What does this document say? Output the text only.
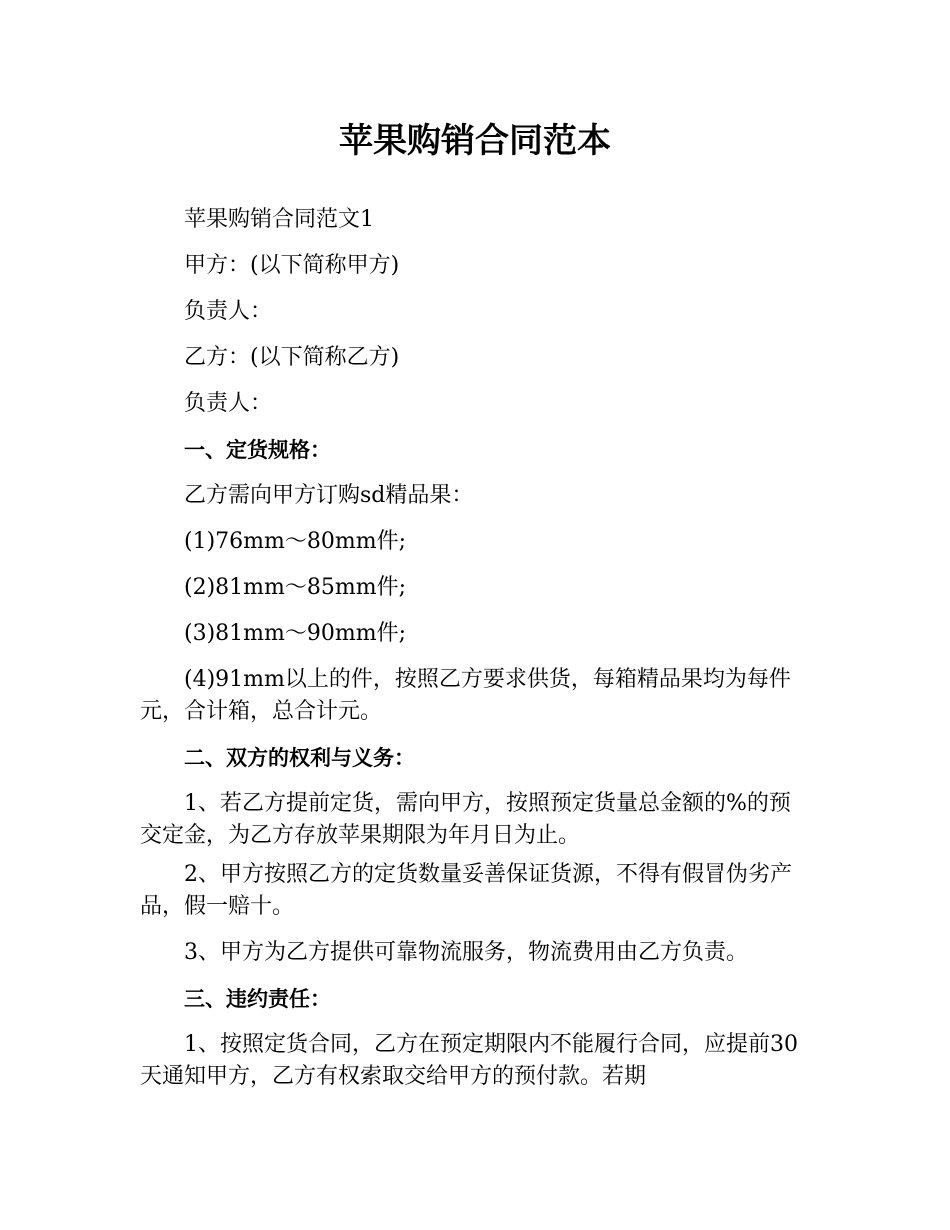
苹果购销合同范本

苹果购销合同范文1

甲方：(以下简称甲方)

负责人：

乙方：(以下简称乙方)

负责人：

一、定货规格：

乙方需向甲方订购sd精品果：

(1)76mm～80mm件;

(2)81mm～85mm件;

(3)81mm～90mm件;

(4)91mm以上的件，按照乙方要求供货，每箱精品果均为每件元，合计箱，总合计元。

二、双方的权利与义务：

1、若乙方提前定货，需向甲方，按照预定货量总金额的%的预交定金，为乙方存放苹果期限为年月日为止。

2、甲方按照乙方的定货数量妥善保证货源，不得有假冒伪劣产品，假一赔十。

3、甲方为乙方提供可靠物流服务，物流费用由乙方负责。

三、违约责任：

1、按照定货合同，乙方在预定期限内不能履行合同，应提前30天通知甲方，乙方有权索取交给甲方的预付款。若期
